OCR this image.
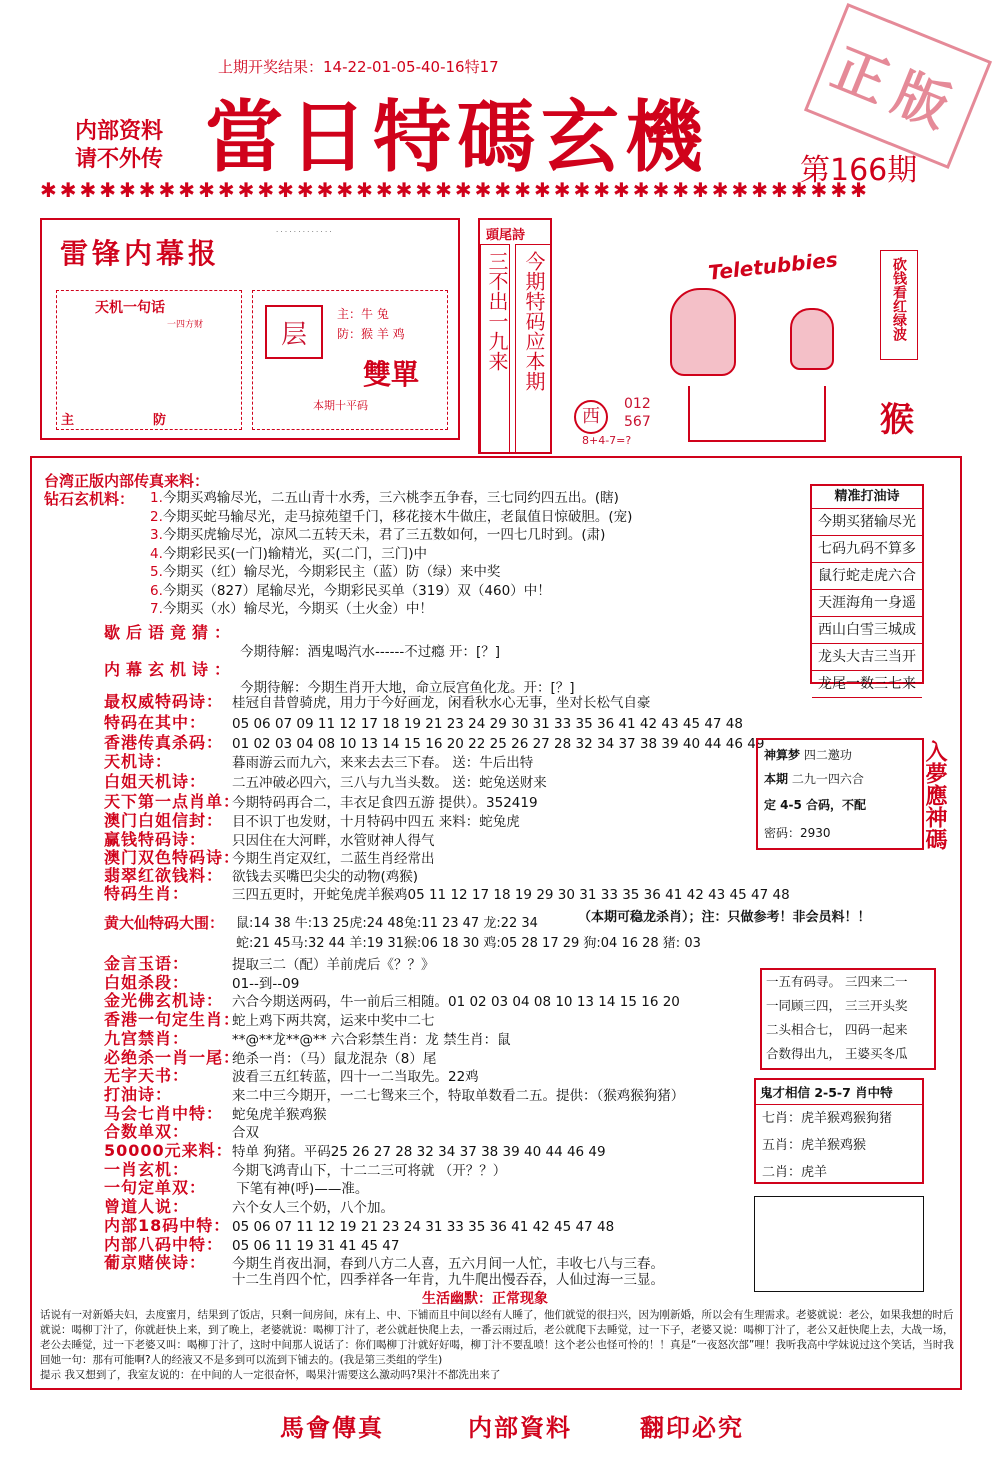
上期开奖结果：14-22-01-05-40-16特17
内部资料
请不外传 當日特碼玄機	第166期
正版
✱✱✱✱✱✱✱✱✱✱✱✱✱✱✱✱✱✱✱✱✱✱✱✱✱✱✱✱✱✱✱✱✱✱✱✱✱✱✱✱✱✱
雷锋内幕报
· · · · · · · · · · · · ·
天机一句话
一四方财
主	防
层
主：牛 兔
防：猴 羊 鸡
雙單
本期十平码
頭尾詩
三不出一九来 今期特码应本期	Teletubbies
西
012
567
8+4-7=?
砍钱看红绿波
猴
台湾正版内部传真来料：
钻石玄机料： 1.今期买鸡输尽光，二五山青十水秀，三六桃李五争春，三七同约四五出。(瞎)
2.今期买蛇马输尽光，走马掠苑望千门，移花接木牛做庄，老鼠值日惊破胆。(宠)
3.今期买虎输尽光，凉风二五转天未，君了三五数如何，一四七几时到。(肃)
4.今期彩民买(一门)输精光，买(二门，三门)中
5.今期买（红）输尽光，今期彩民主（蓝）防（绿）来中奖
6.今期买（827）尾输尽光，今期彩民买单（319）双（460）中！
7.今期买（水）输尽光，今期买（土火金）中！
歇后语竟猜：
今期待解：酒鬼喝汽水------不过瘾 开：[？]
内幕玄机诗：
今期待解：今期生肖开大地，命立辰宫鱼化龙。开：[？]
最权威特码诗： 桂冠自昔曾骑虎，用力于今好画龙，闲看秋水心无事，坐对长松气自豪
特码在其中： 05 06 07 09 11 12 17 18 19 21 23 24 29 30 31 33 35 36 41 42 43 45 47 48
香港传真杀码： 01 02 03 04 08 10 13 14 15 16 20 22 25 26 27 28 32 34 37 38 39 40 44 46 49
天机诗：	暮雨游云而九六，来来去去三下春。 送：牛后出特
白姐天机诗： 二五冲破必四六，三八与九当头数。 送：蛇兔送财来
天下第一点肖单：今期特码再合二，丰衣足食四五游 提供）。352419
澳门白姐信封： 目不识丁也发财，十月特码中四五 来料：蛇兔虎
赢钱特码诗： 只因住在大河畔，水管财神人得气
澳门双色特码诗：今期生肖定双红，二蓝生肖经常出
翡翠红欲钱料： 欲钱去买嘴巴尖尖的动物(鸡猴)
特码生肖：	三四五更时，开蛇兔虎羊猴鸡05 11 12 17 18 19 29 30 31 33 35 36 41 42 43 45 47 48
黄大仙特码大围： 鼠:14 38 牛:13 25虎:24 48兔:11 23 47 龙:22 34	（本期可稳龙杀肖）；注：只做参考！非会员料！！
蛇:21 45马:32 44 羊:19 31猴:06 18 30 鸡:05 28 17 29 狗:04 16 28 猪: 03
金言玉语：	提取三二（配）羊前虎后《？？》
白姐杀段：	01--到--09
金光佛玄机诗： 六合今期送两码，牛一前后三相随。01 02 03 04 08 10 13 14 15 16 20
香港一句定生肖：蛇上鸡下两共窝，运来中奖中二七
九宫禁肖：	**@**龙**@** 六合彩禁生肖：龙 禁生肖：鼠
必绝杀一肖一尾：绝杀一肖：（马）鼠龙混杂（8）尾
无字天书：	波看三五红转蓝，四十一二当取先。22鸡
打油诗：	来二中三今期开，一二七鸳来三个，特取单数看二五。提供：（猴鸡猴狗猪）
马会七肖中特： 蛇兔虎羊猴鸡猴
合数单双：	合双
50000元来料：特单 狗猪。平码25 26 27 28 32 34 37 38 39 40 44 46 49
一肖玄机：	今期飞鸿青山下，十二二三可将就 （开？？）
一句定单双： 下笔有神(呼)——准。
曾道人说：	六个女人三个奶，八个加。
内部18码中特： 05 06 07 11 12 19 21 23 24 31 33 35 36 41 42 45 47 48
内部八码中特： 05 06 11 19 31 41 45 47
葡京赌侠诗： 今期生肖夜出洞，春到八方二人喜，五六月间一人忙，丰收七八与三春。
十二生肖四个忙，四季祥各一年肯，九牛爬出慢吞吞，人仙过海一三显。
生活幽默：正常现象
话说有一对新婚夫妇，去度蜜月，结果到了饭店，只剩一间房间，床有上、中、下铺而且中间以经有人睡了，他们就觉的很扫兴，因为刚新婚，所以会有生理需求。老婆就说：老公，如果我想的时后就说：喝柳丁汁了，你就赶快上来，到了晚上，老婆就说：喝柳丁汁了，老公就赶快爬上去，一番云雨过后，老公就爬下去睡觉，过一下子，老婆又说：喝柳丁汁了，老公又赶快爬上去，大战一场，老公去睡觉，过一下老婆又叫：喝柳丁汁了，这时中间那人说话了：你们喝柳丁汁就好好喝，柳丁汁不要乱喷！这个老公也怪可怜的！！真是“一夜怒次部”哩！我听我高中学妹说过这个笑话，当时我回她一句：那有可能啊?人的经液又不是多到可以流到下铺去的。(我是第三类组的学生)
提示 我又想到了，我室友说的：在中间的人一定很奋怀，喝果汁需要这么激动吗?果汁不都洗出来了
精准打油诗
今期买猪输尽光
七码九码不算多
鼠行蛇走虎六合
天涯海角一身遥
西山白雪三城成
龙头大吉三当开
龙尾一数三七来
神算梦 四二邀功
本期 二九一四六合
定 4-5 合码，不配
密码：2930	入夢應神碼
一五有码寻。 三四来二一
一同顾三四， 三三开头奖
二头相合七， 四码一起来
合数得出九， 王婆买冬瓜
鬼才相信 2-5-7 肖中特
七肖：虎羊猴鸡猴狗猪
五肖：虎羊猴鸡猴
二肖：虎羊
馬會傳真	内部資料	翻印必究
